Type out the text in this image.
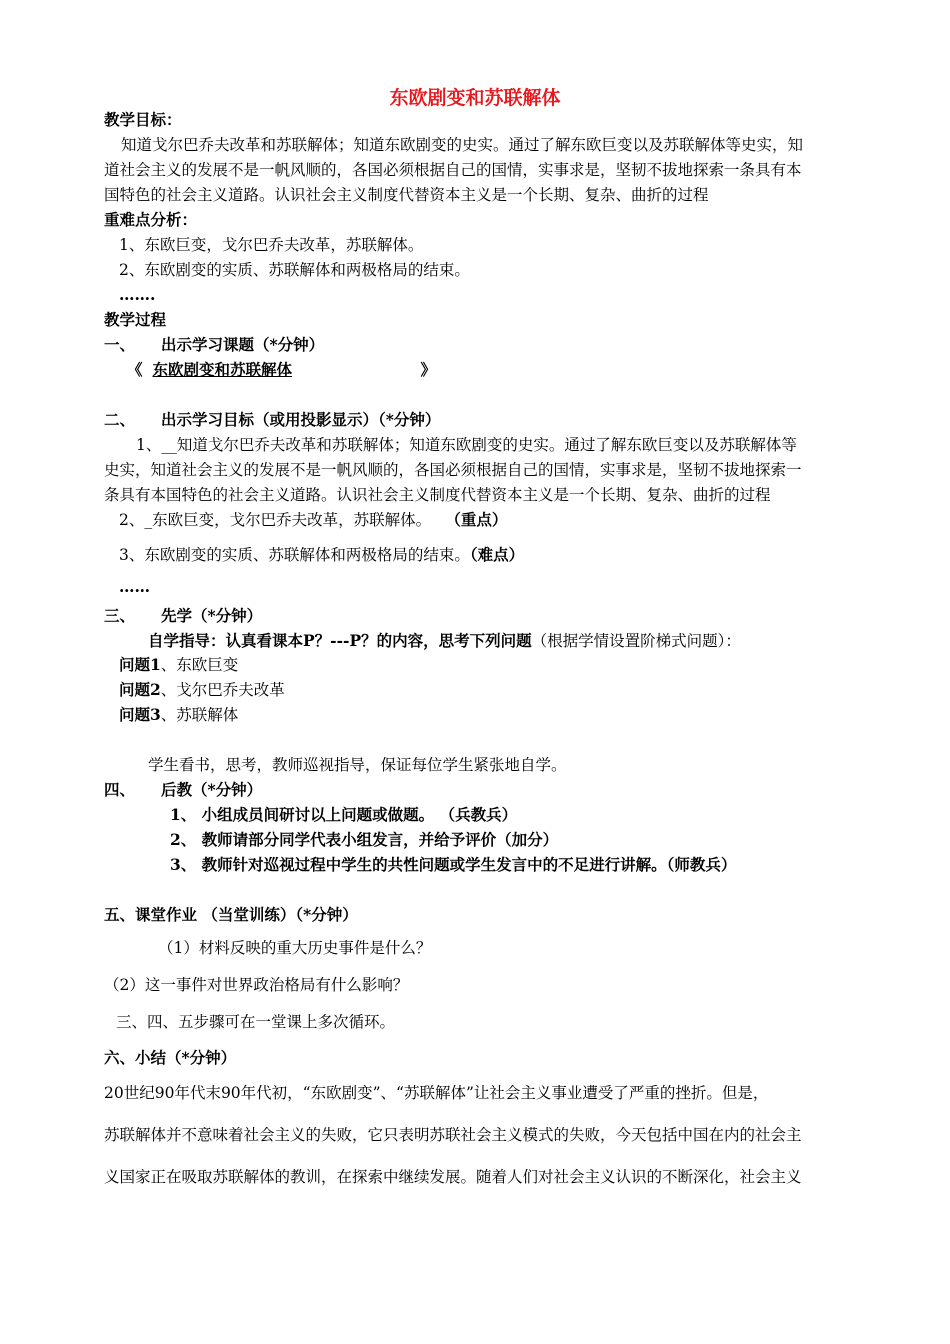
东欧剧变和苏联解体
教学目标：
知道戈尔巴乔夫改革和苏联解体；知道东欧剧变的史实。通过了解东欧巨变以及苏联解体等史实，知
道社会主义的发展不是一帆风顺的，各国必须根据自己的国情，实事求是，坚韧不拔地探索一条具有本
国特色的社会主义道路。认识社会主义制度代替资本主义是一个长期、复杂、曲折的过程
重难点分析：
1、东欧巨变，戈尔巴乔夫改革，苏联解体。
2、东欧剧变的实质、苏联解体和两极格局的结束。
…….
教学过程
一、 出示学习课题（*分钟）
《 东欧剧变和苏联解体	》
二、 出示学习目标（或用投影显示）（*分钟）
1、__知道戈尔巴乔夫改革和苏联解体；知道东欧剧变的史实。通过了解东欧巨变以及苏联解体等
史实，知道社会主义的发展不是一帆风顺的，各国必须根据自己的国情，实事求是，坚韧不拔地探索一
条具有本国特色的社会主义道路。认识社会主义制度代替资本主义是一个长期、复杂、曲折的过程
2、_东欧巨变，戈尔巴乔夫改革，苏联解体。 （重点）
3、东欧剧变的实质、苏联解体和两极格局的结束。（难点）
……
三、 先学（*分钟）
自学指导：认真看课本P？---P？的内容，思考下列问题（根据学情设置阶梯式问题）：
问题1、东欧巨变
问题2、戈尔巴乔夫改革
问题3、苏联解体
学生看书，思考，教师巡视指导，保证每位学生紧张地自学。
四、 后教（*分钟）
1、 小组成员间研讨以上问题或做题。 （兵教兵）
2、 教师请部分同学代表小组发言，并给予评价（加分）
3、 教师针对巡视过程中学生的共性问题或学生发言中的不足进行讲解。（师教兵）
五、课堂作业 （当堂训练）（*分钟）
（1）材料反映的重大历史事件是什么？
（2）这一事件对世界政治格局有什么影响？
三、四、五步骤可在一堂课上多次循环。
六、小结（*分钟）
20世纪90年代末90年代初，“东欧剧变”、“苏联解体”让社会主义事业遭受了严重的挫折。但是，
苏联解体并不意味着社会主义的失败，它只表明苏联社会主义模式的失败，今天包括中国在内的社会主
义国家正在吸取苏联解体的教训，在探索中继续发展。随着人们对社会主义认识的不断深化，社会主义
